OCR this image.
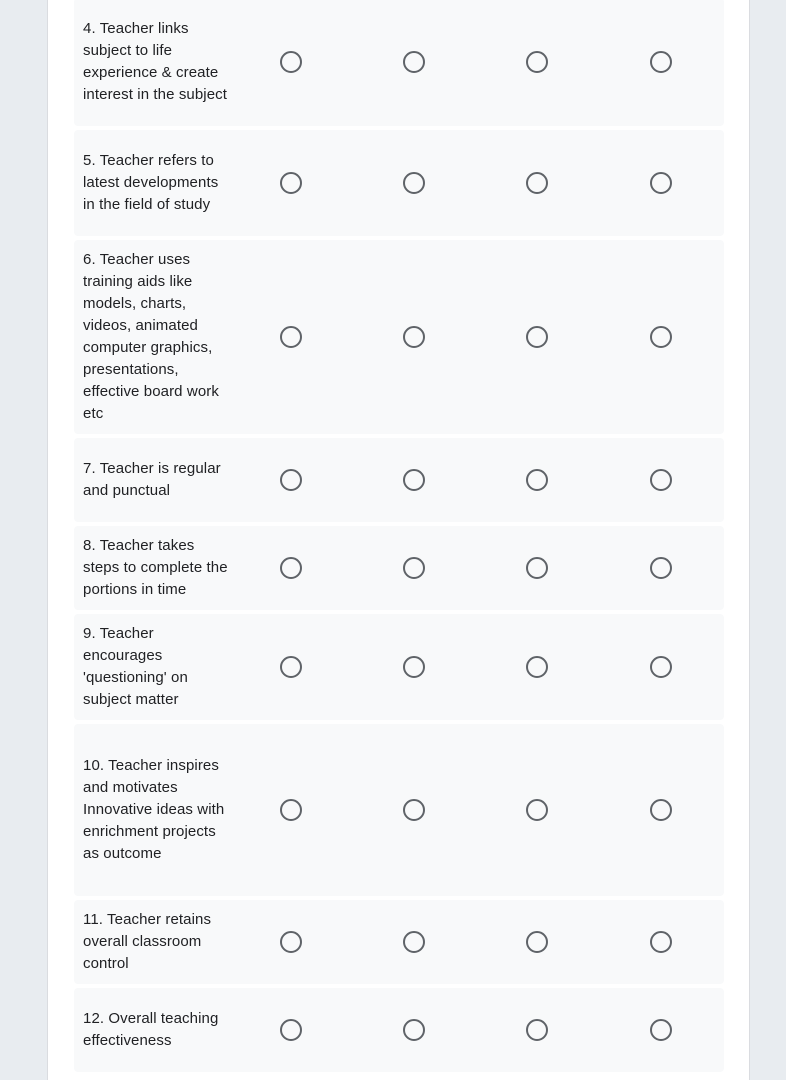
4. Teacher links subject to life experience & create interest in the subject
5. Teacher refers to latest developments in the field of study
6. Teacher uses training aids like models, charts, videos, animated computer graphics, presentations, effective board work etc
7. Teacher is regular and punctual
8. Teacher takes steps to complete the portions in time
9. Teacher encourages 'questioning' on subject matter
10. Teacher inspires and motivates Innovative ideas with enrichment projects as outcome
11. Teacher retains overall classroom control
12. Overall teaching effectiveness
